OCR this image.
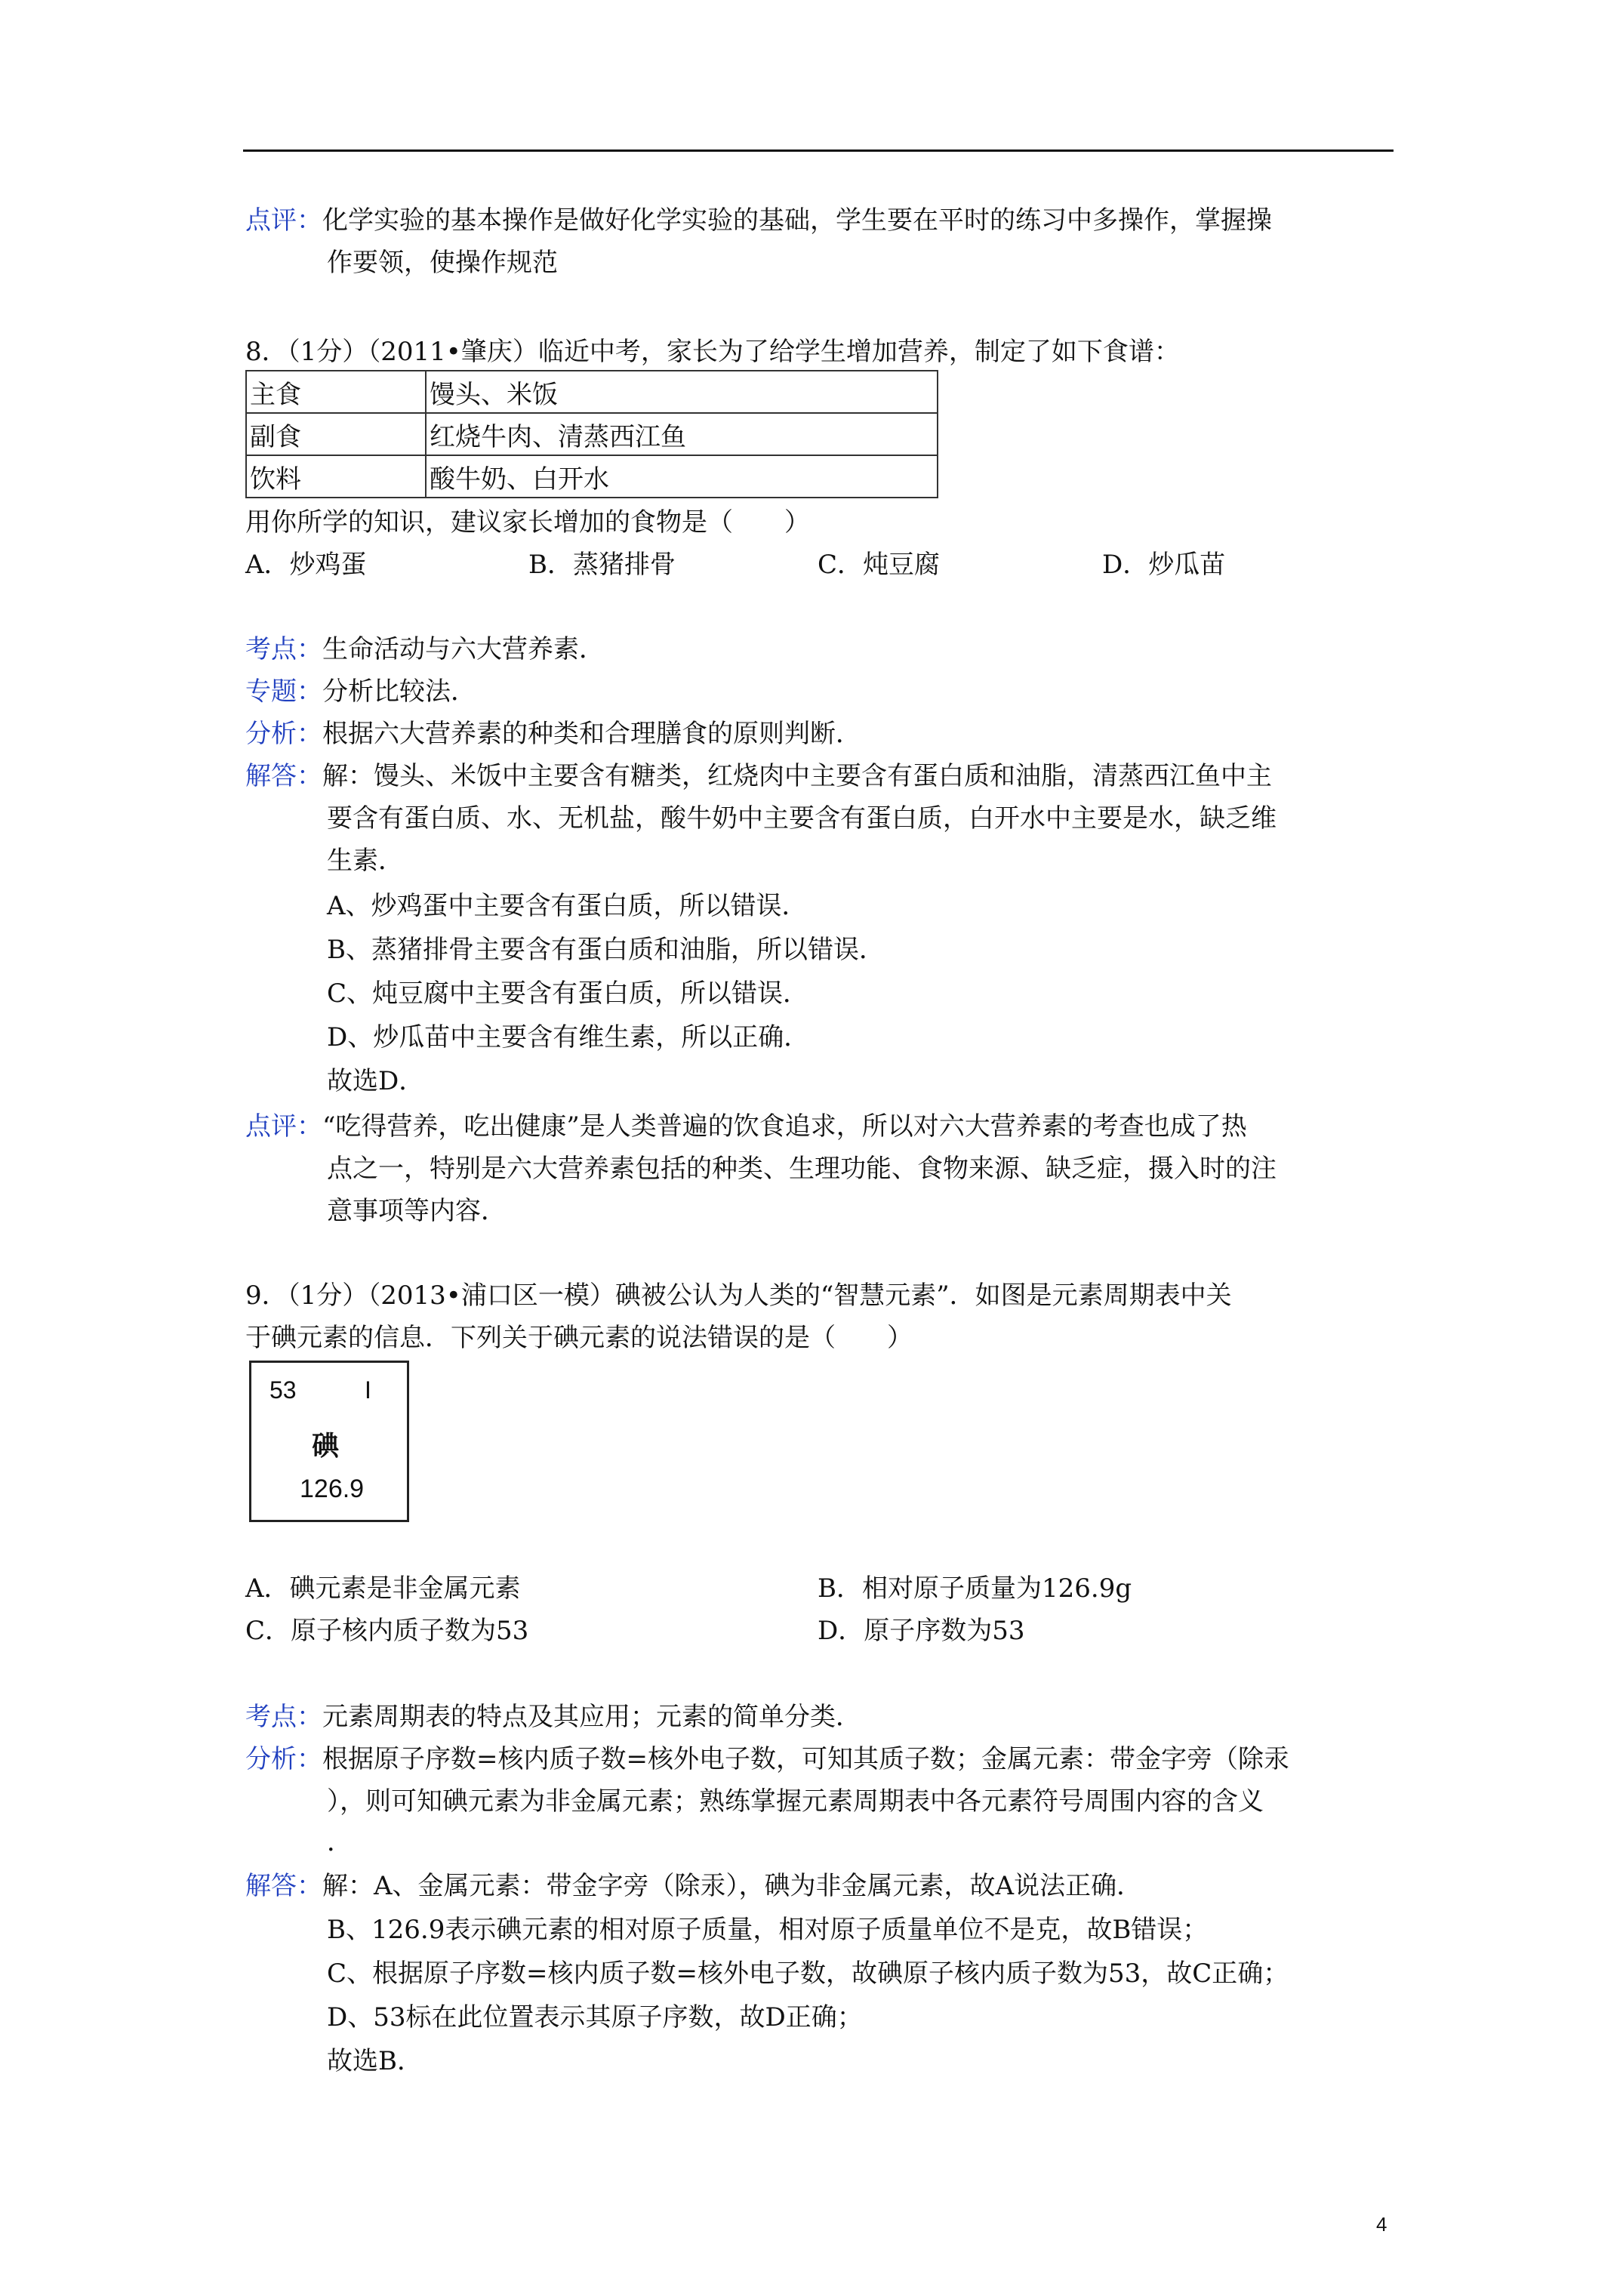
点评：化学实验的基本操作是做好化学实验的基础，学生要在平时的练习中多操作，掌握操
作要领，使操作规范
8．（1分）（2011•肇庆）临近中考，家长为了给学生增加营养，制定了如下食谱：
主食	馒头、米饭
副食	红烧牛肉、清蒸西江鱼
饮料	酸牛奶、白开水
用你所学的知识，建议家长增加的食物是（　　）
A．炒鸡蛋	B．蒸猪排骨	C．炖豆腐	D．炒瓜苗
考点：生命活动与六大营养素．
专题：分析比较法．
分析：根据六大营养素的种类和合理膳食的原则判断．
解答：解：馒头、米饭中主要含有糖类，红烧肉中主要含有蛋白质和油脂，清蒸西江鱼中主
要含有蛋白质、水、无机盐，酸牛奶中主要含有蛋白质，白开水中主要是水，缺乏维
生素．
A、炒鸡蛋中主要含有蛋白质，所以错误．
B、蒸猪排骨主要含有蛋白质和油脂，所以错误．
C、炖豆腐中主要含有蛋白质，所以错误．
D、炒瓜苗中主要含有维生素，所以正确．
故选D．
点评：“吃得营养，吃出健康”是人类普遍的饮食追求，所以对六大营养素的考查也成了热
点之一，特别是六大营养素包括的种类、生理功能、食物来源、缺乏症，摄入时的注
意事项等内容．
9．（1分）（2013•浦口区一模）碘被公认为人类的“智慧元素”．如图是元素周期表中关
于碘元素的信息．下列关于碘元素的说法错误的是（　　）
53	I
碘
126.9
A．碘元素是非金属元素	B．相对原子质量为126.9g
C．原子核内质子数为53	D．原子序数为53
考点：元素周期表的特点及其应用；元素的简单分类．
分析：根据原子序数=核内质子数=核外电子数，可知其质子数；金属元素：带金字旁（除汞
），则可知碘元素为非金属元素；熟练掌握元素周期表中各元素符号周围内容的含义
．
解答：解：A、金属元素：带金字旁（除汞），碘为非金属元素，故A说法正确．
B、126.9表示碘元素的相对原子质量，相对原子质量单位不是克，故B错误；
C、根据原子序数=核内质子数=核外电子数，故碘原子核内质子数为53，故C正确；
D、53标在此位置表示其原子序数，故D正确；
故选B．
4
